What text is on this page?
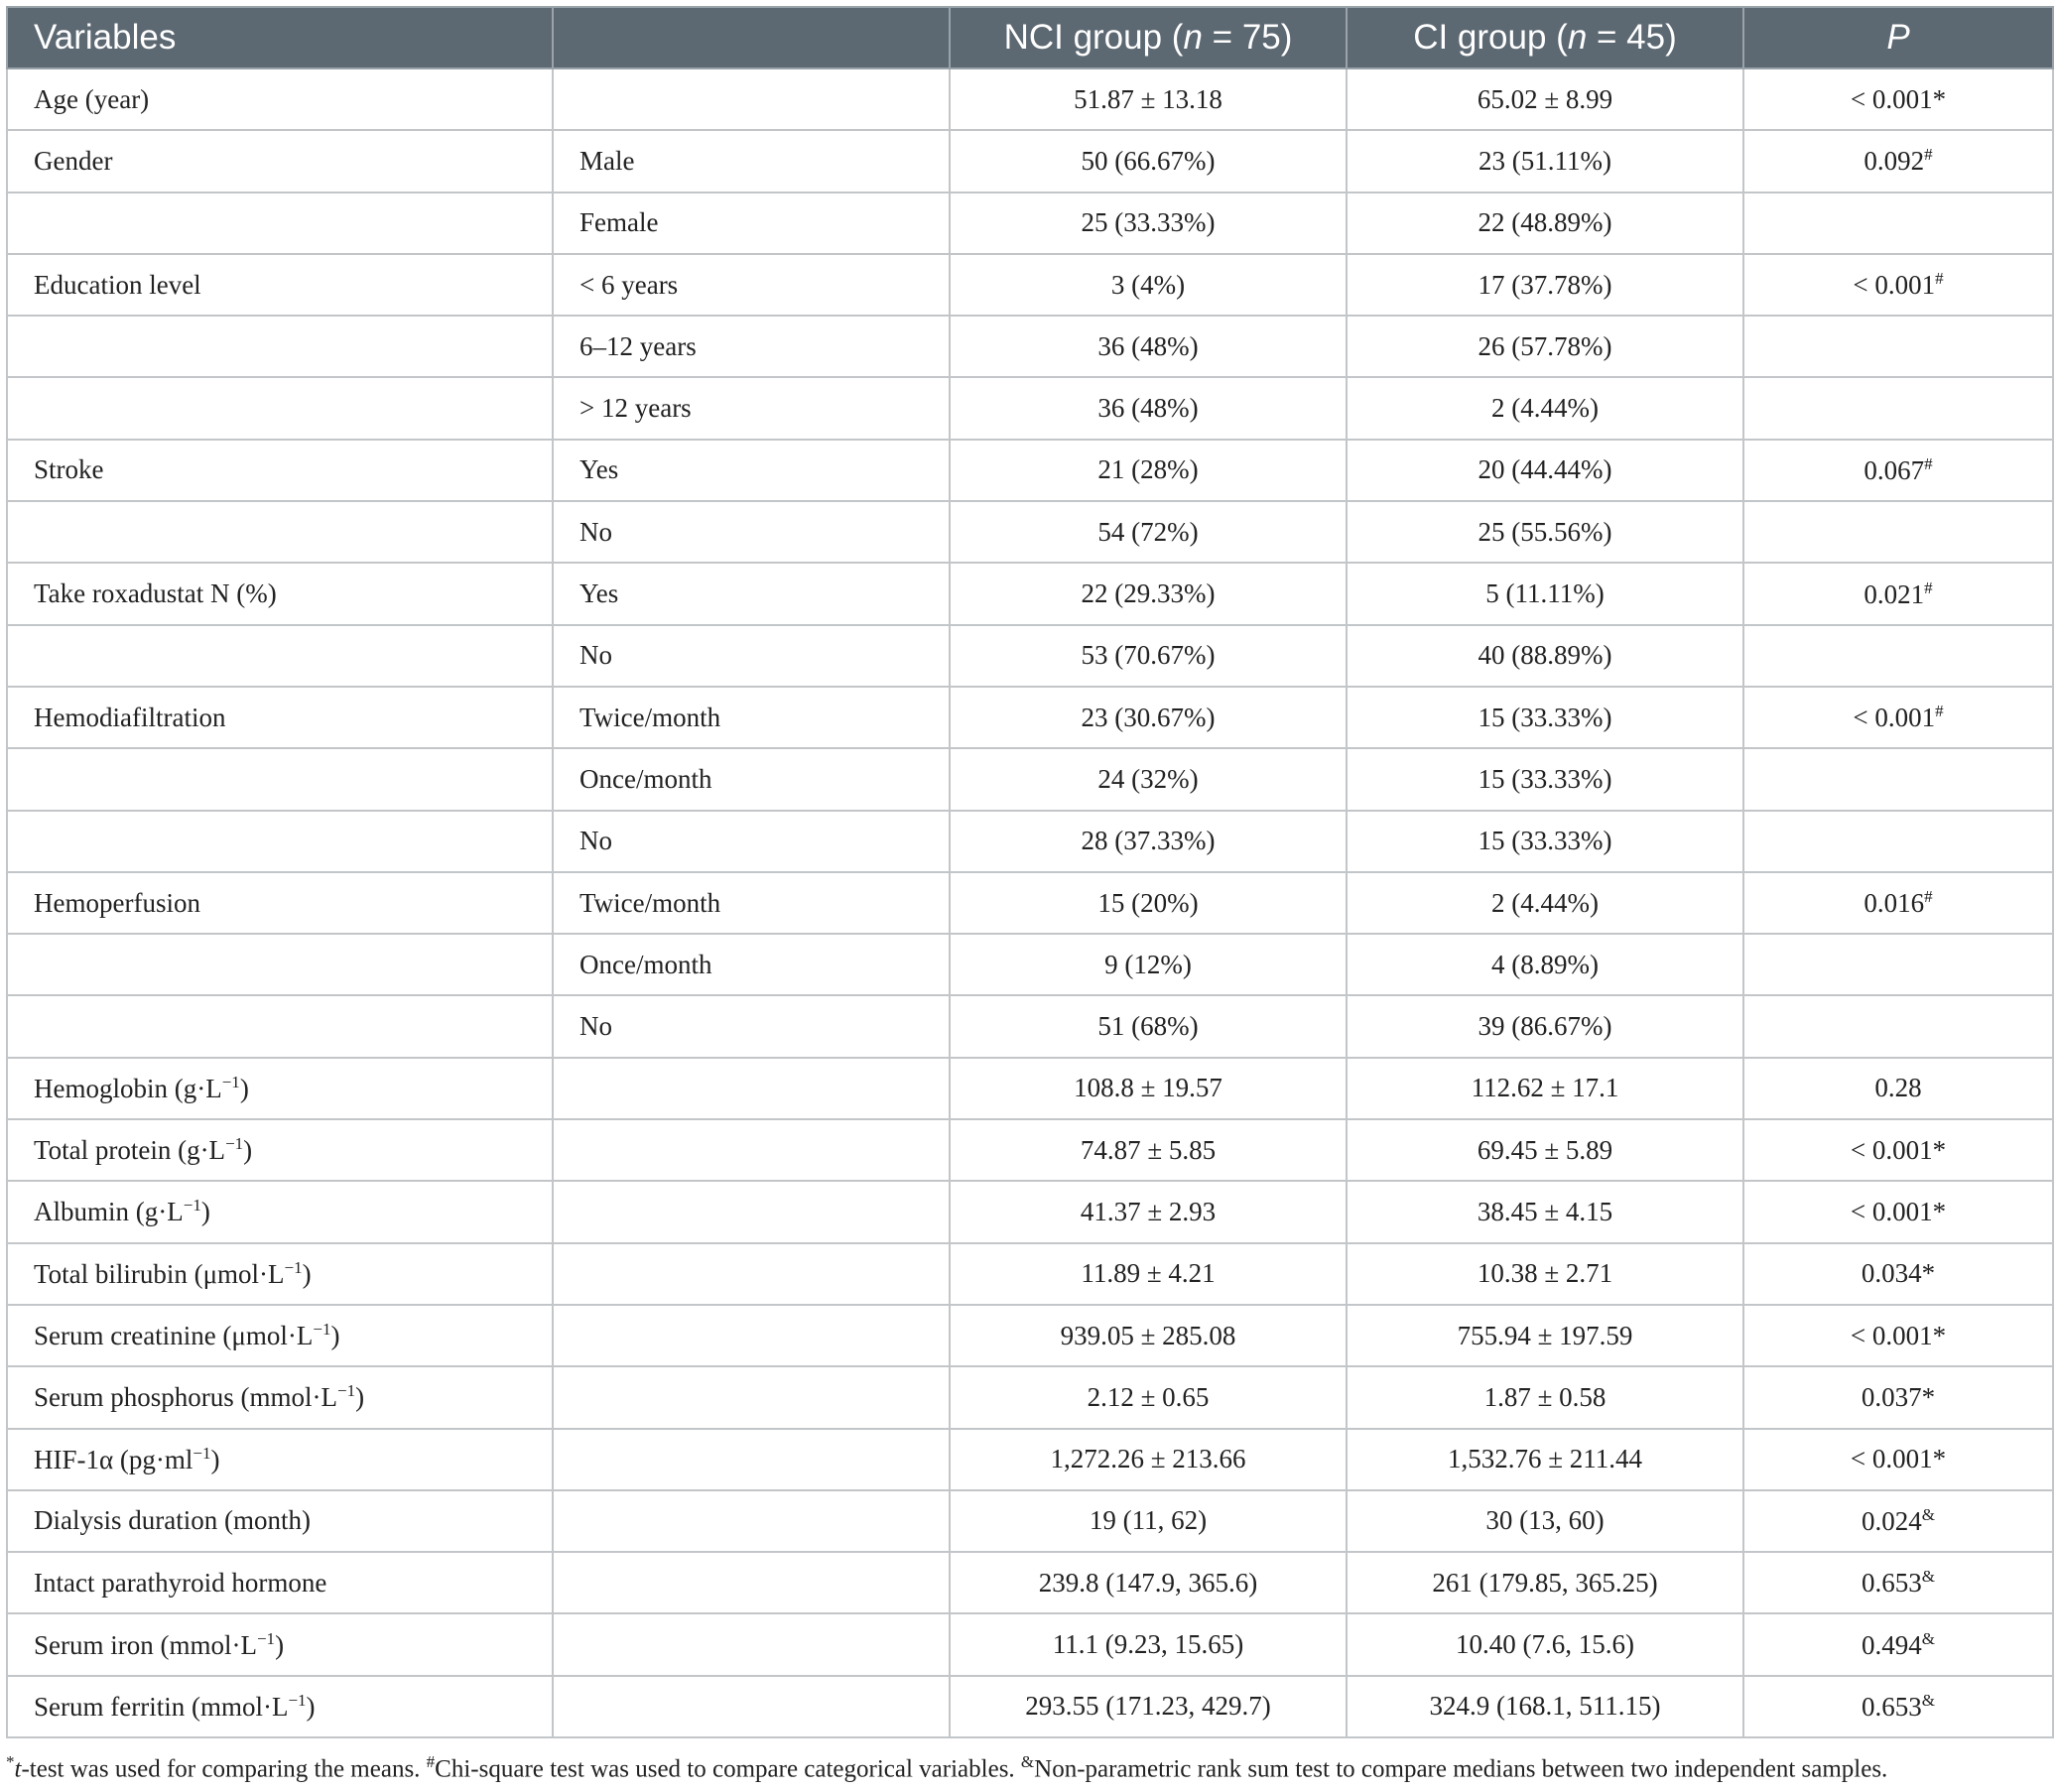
Variables		NCI group (n = 75)	CI group (n = 45)	P
Age (year)		51.87 ± 13.18	65.02 ± 8.99	< 0.001*
Gender	Male	50 (66.67%)	23 (51.11%)	0.092#
	Female	25 (33.33%)	22 (48.89%)	
Education level	< 6 years	3 (4%)	17 (37.78%)	< 0.001#
	6–12 years	36 (48%)	26 (57.78%)	
	> 12 years	36 (48%)	2 (4.44%)	
Stroke	Yes	21 (28%)	20 (44.44%)	0.067#
	No	54 (72%)	25 (55.56%)	
Take roxadustat N (%)	Yes	22 (29.33%)	5 (11.11%)	0.021#
	No	53 (70.67%)	40 (88.89%)	
Hemodiafiltration	Twice/month	23 (30.67%)	15 (33.33%)	< 0.001#
	Once/month	24 (32%)	15 (33.33%)	
	No	28 (37.33%)	15 (33.33%)	
Hemoperfusion	Twice/month	15 (20%)	2 (4.44%)	0.016#
	Once/month	9 (12%)	4 (8.89%)	
	No	51 (68%)	39 (86.67%)	
Hemoglobin $(g\cdot L^{-1})$		108.8 ± 19.57	112.62 ± 17.1	0.28
Total protein $(g\cdot L^{-1})$		74.87 ± 5.85	69.45 ± 5.89	< 0.001*
Albumin $(g\cdot L^{-1})$		41.37 ± 2.93	38.45 ± 4.15	< 0.001*
Total bilirubin $(\mu mol\cdot L^{-1})$		11.89 ± 4.21	10.38 ± 2.71	0.034*
Serum creatinine $(\mu mol\cdot L^{-1})$		939.05 ± 285.08	755.94 ± 197.59	< 0.001*
Serum phosphorus $(mmol\cdot L^{-1})$		2.12 ± 0.65	1.87 ± 0.58	0.037*
HIF-1α $(pg\cdot ml^{-1})$		1,272.26 ± 213.66	1,532.76 ± 211.44	< 0.001*
Dialysis duration (month)		19 (11, 62)	30 (13, 60)	0.024&
Intact parathyroid hormone		239.8 (147.9, 365.6)	261 (179.85, 365.25)	0.653&
Serum iron $(mmol\cdot L^{-1})$		11.1 (9.23, 15.65)	10.40 (7.6, 15.6)	0.494&
Serum ferritin $(mmol\cdot L^{-1})$		293.55 (171.23, 429.7)	324.9 (168.1, 511.15)	0.653&
*t-test was used for comparing the means. #Chi-square test was used to compare categorical variables. &Non-parametric rank sum test to compare medians between two independent samples.
